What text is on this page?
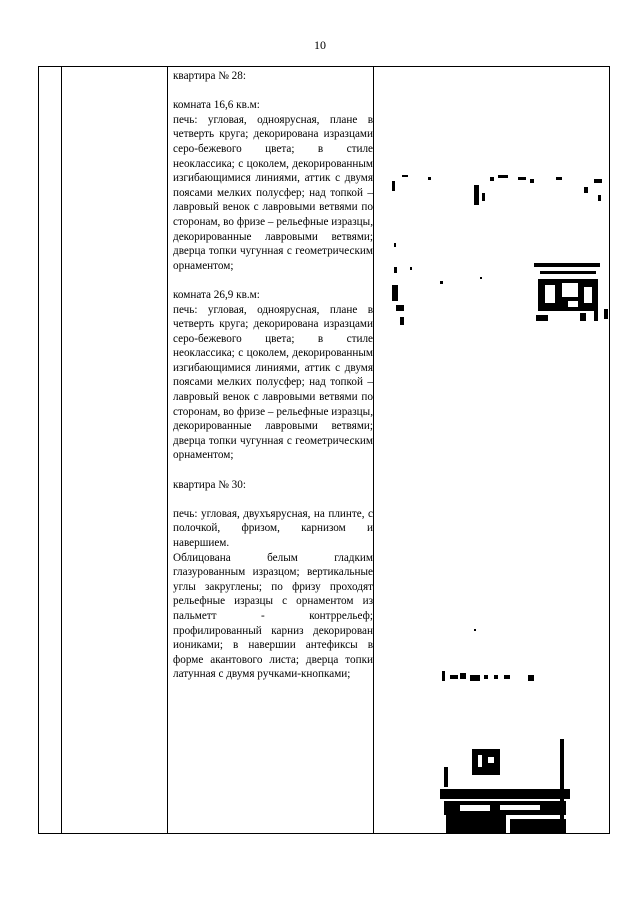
10

квартира № 28:

комната 16,6 кв.м:

печь: угловая, одноярусная, плане в четверть круга; декорирована изразцами серо-бежевого цвета; в стиле неоклассика; с цоколем, декорированным изгибающимися линиями, аттик с двумя поясами мелких полусфер; над топкой – лавровый венок с лавровыми ветвями по сторонам, во фризе – рельефные изразцы, декорированные лавровыми ветвями; дверца топки чугунная с геометрическим орнаментом;

комната 26,9 кв.м:

печь: угловая, одноярусная, плане в четверть круга; декорирована изразцами серо-бежевого цвета; в стиле неоклассика; с цоколем, декорированным изгибающимися линиями, аттик с двумя поясами мелких полусфер; над топкой – лавровый венок с лавровыми ветвями по сторонам, во фризе – рельефные изразцы, декорированные лавровыми ветвями; дверца топки чугунная с геометрическим орнаментом;

квартира № 30:

печь: угловая, двухъярусная, на плинте, с полочкой, фризом, карнизом и навершием.

Облицована белым гладким глазурованным изразцом; вертикальные углы закруглены; по фризу проходят рельефные изразцы с орнаментом из пальметт - контррельеф; профилированный карниз декорирован иониками; в навершии антефиксы в форме акантового листа; дверца топки латунная с двумя ручками-кнопками;
